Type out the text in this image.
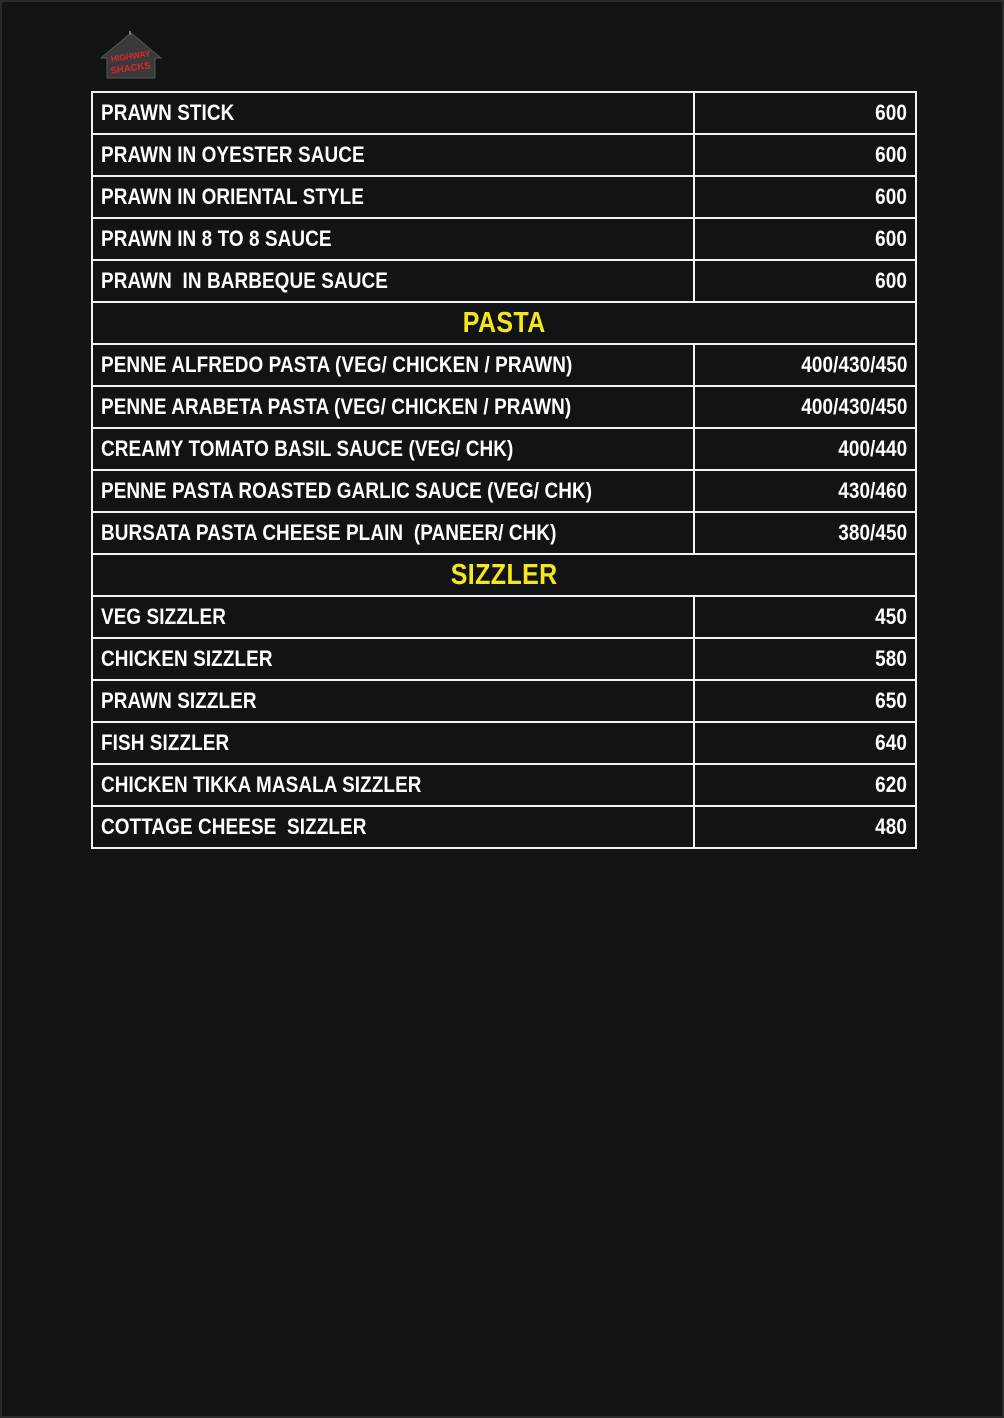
HIGHWAY
SHACKS
PRAWN STICK	600
PRAWN IN OYESTER SAUCE	600
PRAWN IN ORIENTAL STYLE	600
PRAWN IN 8 TO 8 SAUCE	600
PRAWN  IN BARBEQUE SAUCE	600
PASTA	
PENNE ALFREDO PASTA (VEG/ CHICKEN / PRAWN)	400/430/450
PENNE ARABETA PASTA (VEG/ CHICKEN / PRAWN)	400/430/450
CREAMY TOMATO BASIL SAUCE (VEG/ CHK)	400/440
PENNE PASTA ROASTED GARLIC SAUCE (VEG/ CHK)	430/460
BURSATA PASTA CHEESE PLAIN  (PANEER/ CHK)	380/450
SIZZLER	
VEG SIZZLER	450
CHICKEN SIZZLER	580
PRAWN SIZZLER	650
FISH SIZZLER	640
CHICKEN TIKKA MASALA SIZZLER	620
COTTAGE CHEESE  SIZZLER	480
